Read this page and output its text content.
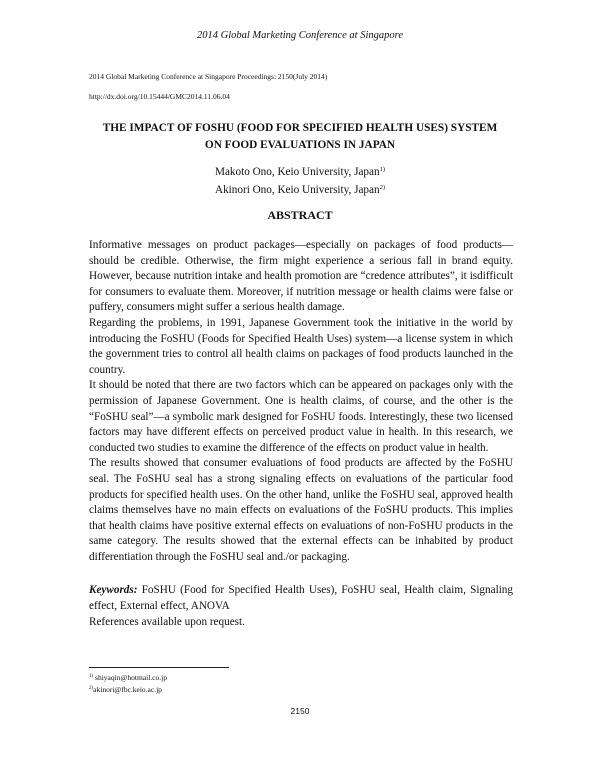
2014 Global Marketing Conference at Singapore
2014 Global Marketing Conference at Singapore Proceedings: 2150(July 2014)
http://dx.doi.org/10.15444/GMC2014.11.06.04
THE IMPACT OF FOSHU (FOOD FOR SPECIFIED HEALTH USES) SYSTEM
ON FOOD EVALUATIONS IN JAPAN
Makoto Ono, Keio University, Japan$^{1)}$
Akinori Ono, Keio University, Japan$^{2)}$
ABSTRACT

Informative messages on product packages—especially on packages of food products—should be credible. Otherwise, the firm might experience a serious fall in brand equity. However, because nutrition intake and health promotion are “credence attributes”, it isdifficult for consumers to evaluate them. Moreover, if nutrition message or health claims were false or puffery, consumers might suffer a serious health damage.

Regarding the problems, in 1991, Japanese Government took the initiative in the world by introducing the FoSHU (Foods for Specified Health Uses) system—a license system in which the government tries to control all health claims on packages of food products launched in the country.

It should be noted that there are two factors which can be appeared on packages only with the permission of Japanese Government. One is health claims, of course, and the other is the “FoSHU seal”—a symbolic mark designed for FoSHU foods. Interestingly, these two licensed factors may have different effects on perceived product value in health. In this research, we conducted two studies to examine the difference of the effects on product value in health.

The results showed that consumer evaluations of food products are affected by the FoSHU seal. The FoSHU seal has a strong signaling effects on evaluations of the particular food products for specified health uses. On the other hand, unlike the FoSHU seal, approved health claims themselves have no main effects on evaluations of the FoSHU products. This implies that health claims have positive external effects on evaluations of non-FoSHU products in the same category. The results showed that the external effects can be inhabited by product differentiation through the FoSHU seal and./or packaging.

Keywords: FoSHU (Food for Specified Health Uses), FoSHU seal, Health claim, Signaling effect, External effect, ANOVA

References available upon request.

$^{1)}$ shiyaqin@hotmail.co.jp
$^{2)}$akinori@fbc.keio.ac.jp
2150
